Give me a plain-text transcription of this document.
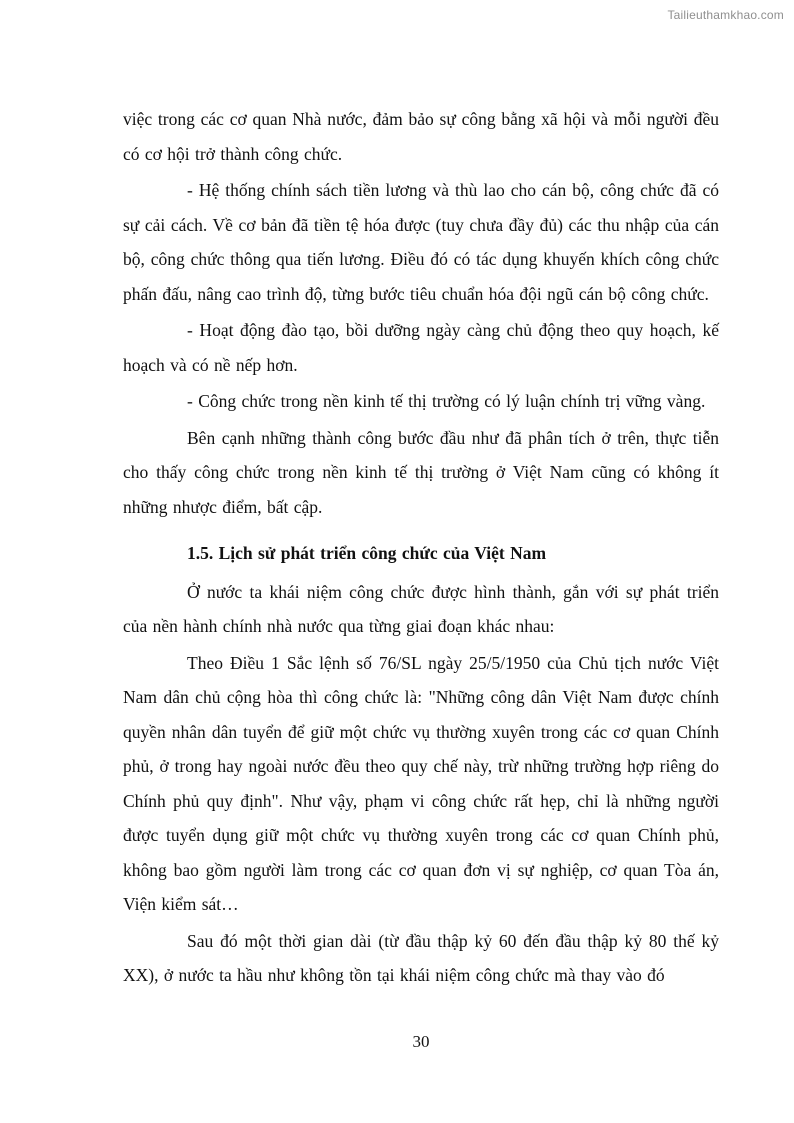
Tailieuthamkhao.com

việc trong các cơ quan Nhà nước, đảm bảo sự công bằng xã hội và mỗi người đều có cơ hội trở thành công chức.

- Hệ thống chính sách tiền lương và thù lao cho cán bộ, công chức đã có sự cải cách. Về cơ bản đã tiền tệ hóa được (tuy chưa đầy đủ) các thu nhập của cán bộ, công chức thông qua tiến lương. Điều đó có tác dụng khuyến khích công chức phấn đấu, nâng cao trình độ, từng bước tiêu chuẩn hóa đội ngũ cán bộ công chức.

- Hoạt động đào tạo, bồi dưỡng ngày càng chủ động theo quy hoạch, kế hoạch và có nề nếp hơn.

- Công chức trong nền kinh tế thị trường có lý luận chính trị vững vàng.

Bên cạnh những thành công bước đầu như đã phân tích ở trên, thực tiễn cho thấy công chức trong nền kinh tế thị trường ở Việt Nam cũng có không ít những nhược điểm, bất cập.

1.5. Lịch sử phát triển công chức của Việt Nam

Ở nước ta khái niệm công chức được hình thành, gắn với sự phát triển của nền hành chính nhà nước qua từng giai đoạn khác nhau:

Theo Điều 1 Sắc lệnh số 76/SL ngày 25/5/1950 của Chủ tịch nước Việt Nam dân chủ cộng hòa thì công chức là: "Những công dân Việt Nam được chính quyền nhân dân tuyển để giữ một chức vụ thường xuyên trong các cơ quan Chính phủ, ở trong hay ngoài nước đều theo quy chế này, trừ những trường hợp riêng do Chính phủ quy định". Như vậy, phạm vi công chức rất hẹp, chỉ là những người được tuyển dụng giữ một chức vụ thường xuyên trong các cơ quan Chính phủ, không bao gồm người làm trong các cơ quan đơn vị sự nghiệp, cơ quan Tòa án, Viện kiểm sát…

Sau đó một thời gian dài (từ đầu thập kỷ 60 đến đầu thập kỷ 80 thế kỷ XX), ở nước ta hầu như không tồn tại khái niệm công chức mà thay vào đó

30
